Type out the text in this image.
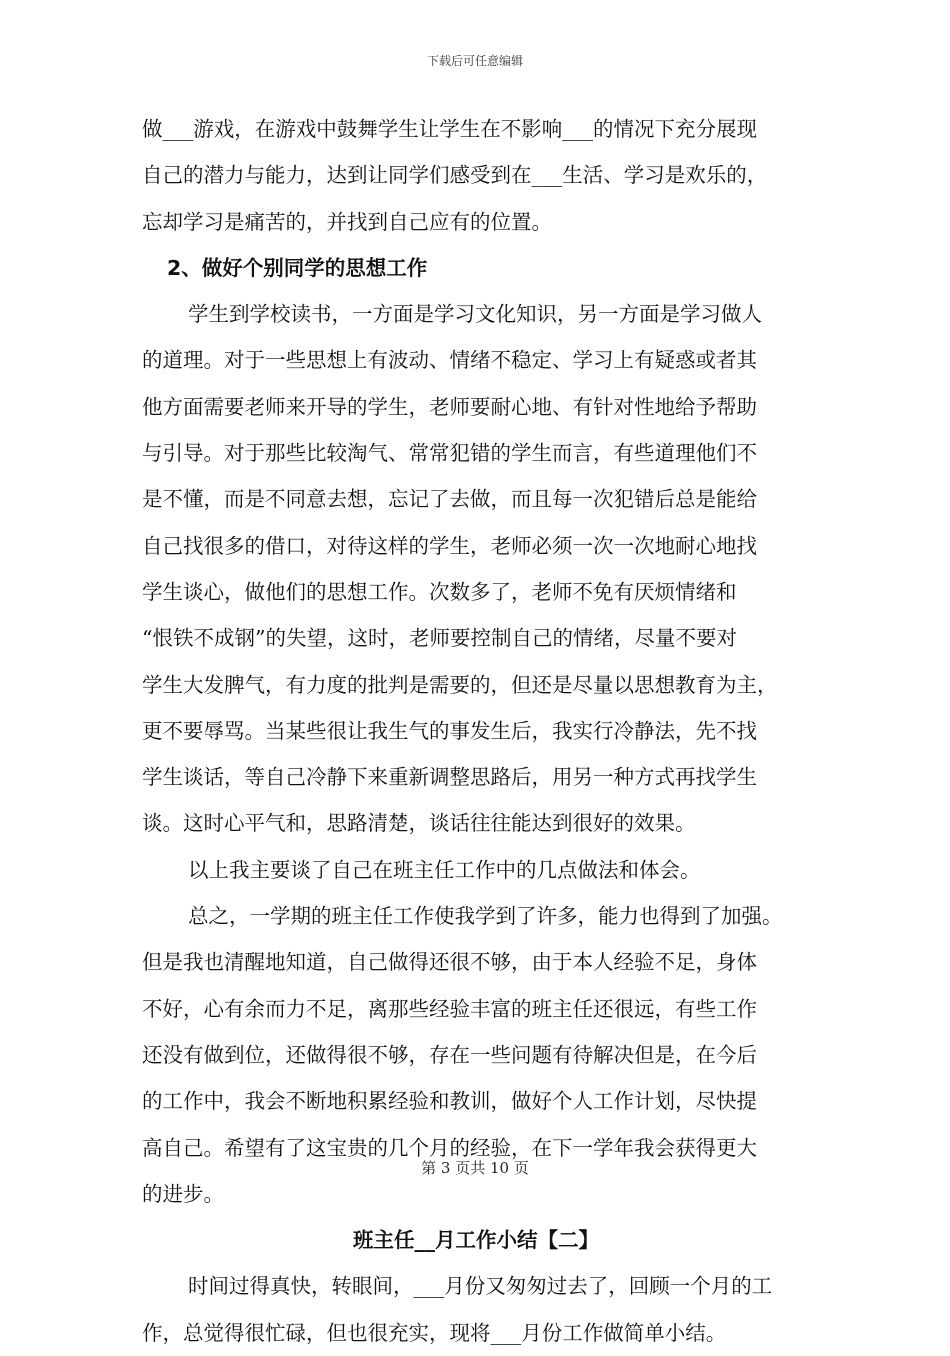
下载后可任意编辑
做___游戏，在游戏中鼓舞学生让学生在不影响___的情况下充分展现
自己的潜力与能力，达到让同学们感受到在___生活、学习是欢乐的，
忘却学习是痛苦的，并找到自己应有的位置。
2、做好个别同学的思想工作
学生到学校读书，一方面是学习文化知识，另一方面是学习做人
的道理。对于一些思想上有波动、情绪不稳定、学习上有疑惑或者其
他方面需要老师来开导的学生，老师要耐心地、有针对性地给予帮助
与引导。对于那些比较淘气、常常犯错的学生而言，有些道理他们不
是不懂，而是不同意去想，忘记了去做，而且每一次犯错后总是能给
自己找很多的借口，对待这样的学生，老师必须一次一次地耐心地找
学生谈心，做他们的思想工作。次数多了，老师不免有厌烦情绪和
“恨铁不成钢”的失望，这时，老师要控制自己的情绪，尽量不要对
学生大发脾气，有力度的批判是需要的，但还是尽量以思想教育为主，
更不要辱骂。当某些很让我生气的事发生后，我实行冷静法，先不找
学生谈话，等自己冷静下来重新调整思路后，用另一种方式再找学生
谈。这时心平气和，思路清楚，谈话往往能达到很好的效果。
以上我主要谈了自己在班主任工作中的几点做法和体会。
总之，一学期的班主任工作使我学到了许多，能力也得到了加强。
但是我也清醒地知道，自己做得还很不够，由于本人经验不足，身体
不好，心有余而力不足，离那些经验丰富的班主任还很远，有些工作
还没有做到位，还做得很不够，存在一些问题有待解决但是，在今后
的工作中，我会不断地积累经验和教训，做好个人工作计划，尽快提
高自己。希望有了这宝贵的几个月的经验，在下一学年我会获得更大
的进步。
班主任__月工作小结【二】
时间过得真快，转眼间，___月份又匆匆过去了，回顾一个月的工
作，总觉得很忙碌，但也很充实，现将___月份工作做简单小结。
第 3 页共 10 页
